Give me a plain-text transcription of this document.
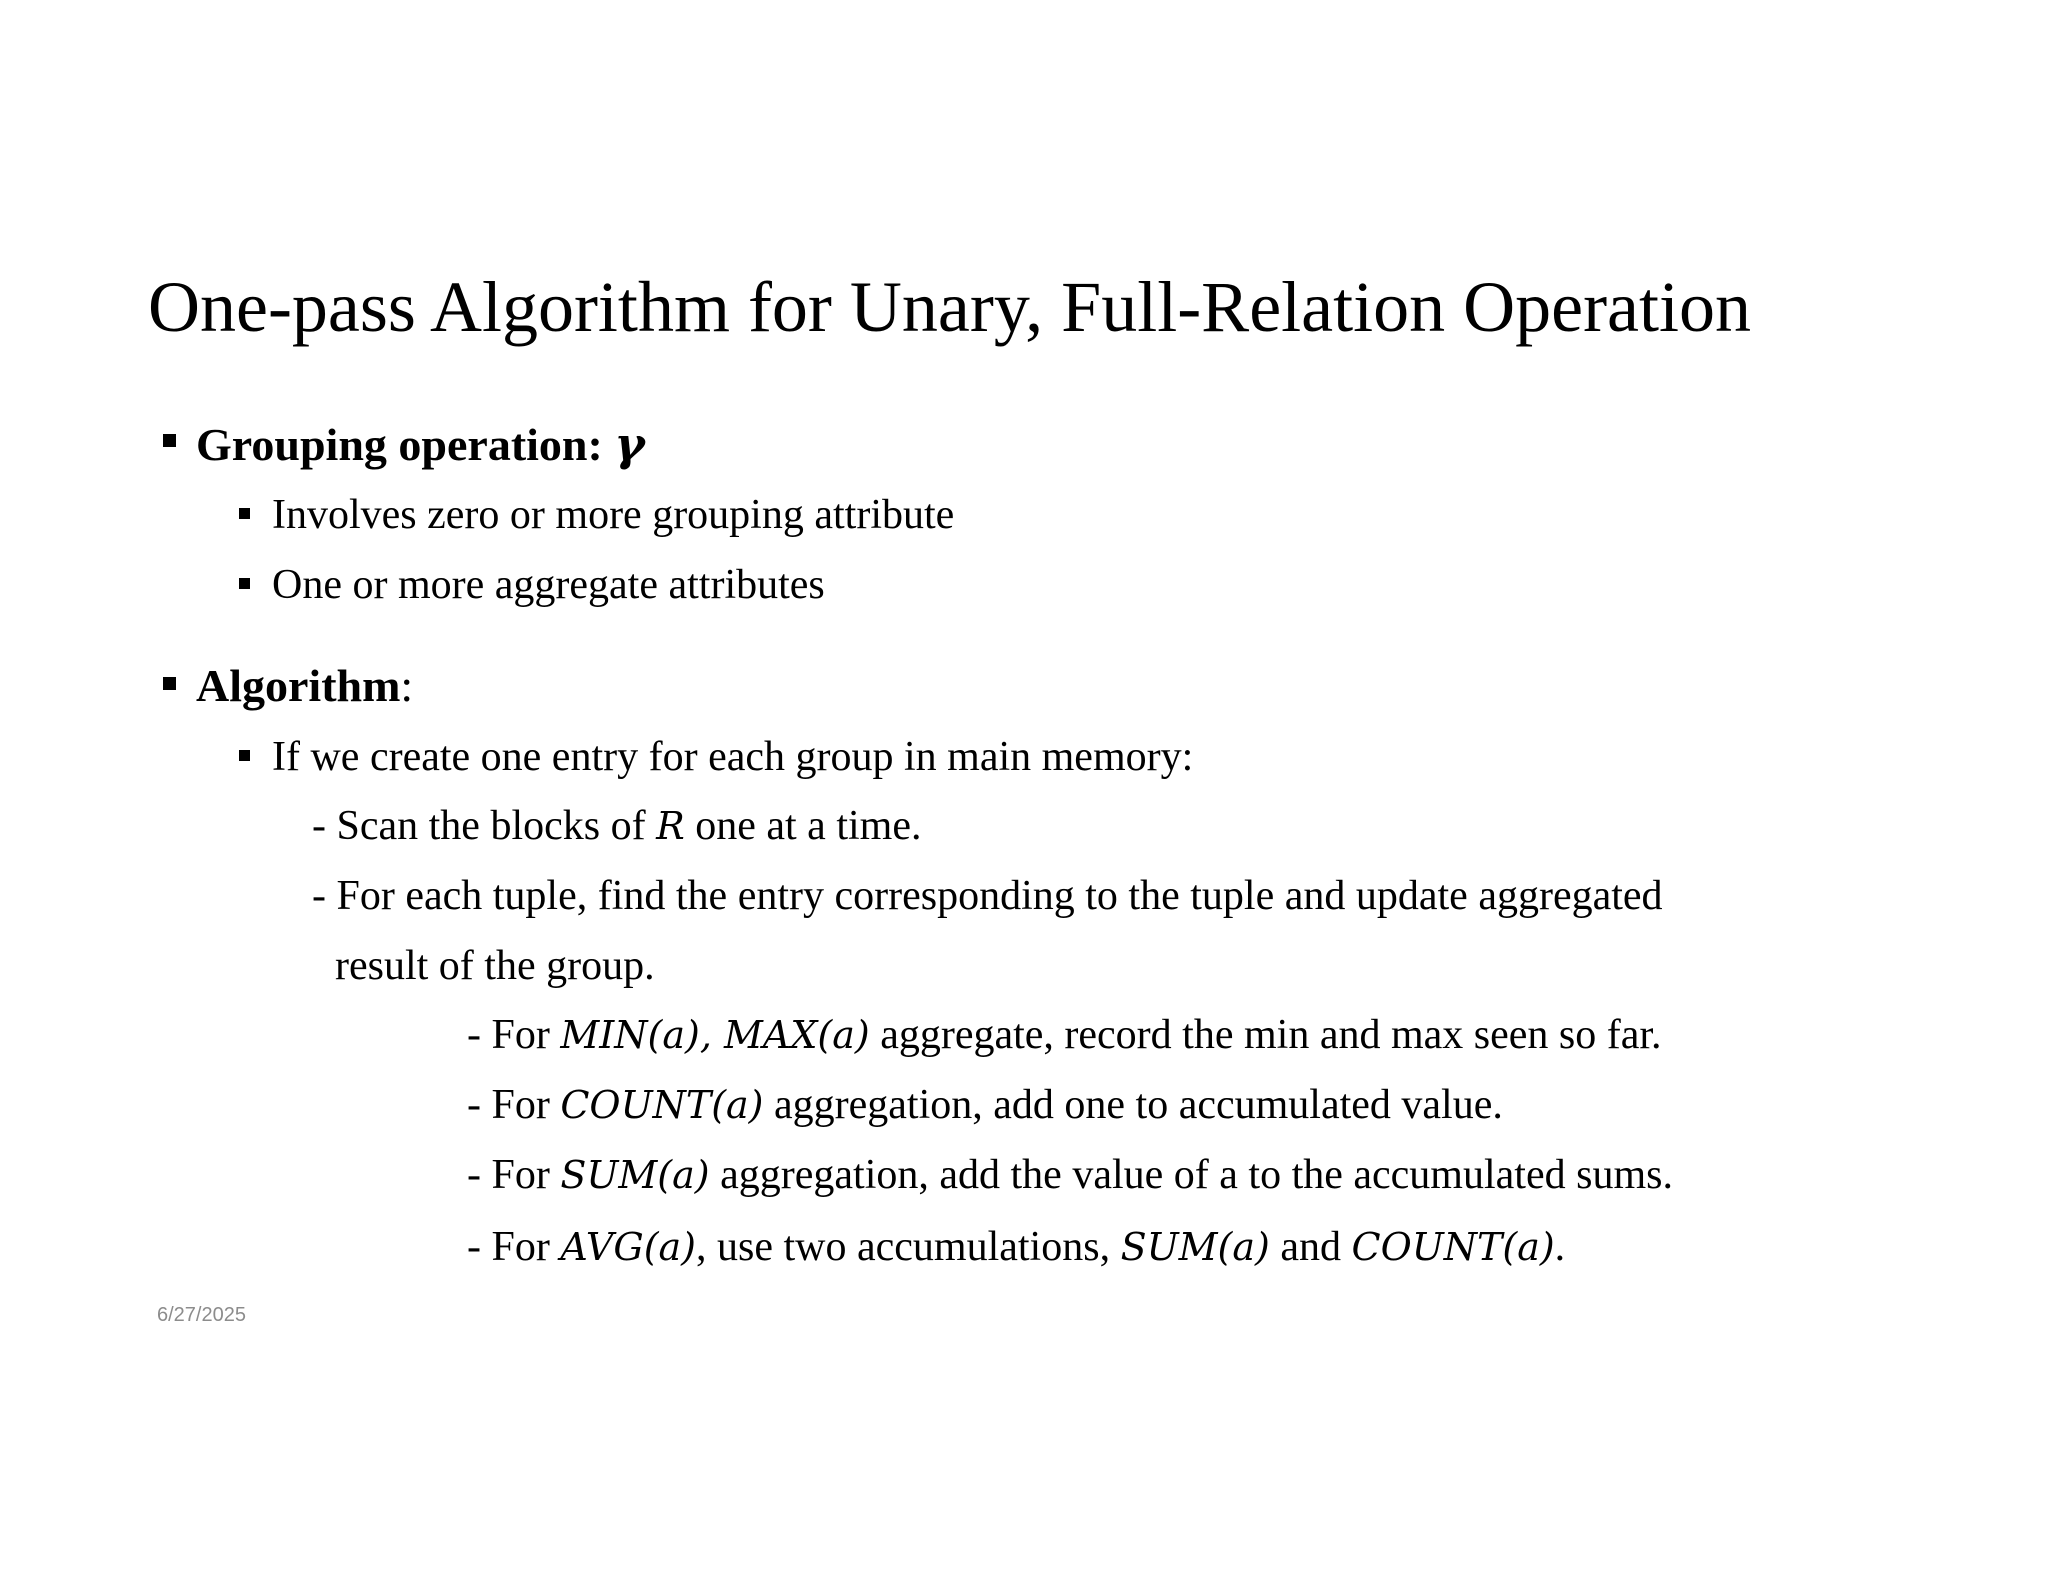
One-pass Algorithm for Unary, Full-Relation Operation
Grouping operation: γ
Involves zero or more grouping attribute
One or more aggregate attributes
Algorithm:
If we create one entry for each group in main memory:
- Scan the blocks of R one at a time.
- For each tuple, find the entry corresponding to the tuple and update aggregated
result of the group.
- For MIN(a), MAX(a) aggregate, record the min and max seen so far.
- For COUNT(a) aggregation, add one to accumulated value.
- For SUM(a) aggregation, add the value of a to the accumulated sums.
- For AVG(a), use two accumulations, SUM(a) and COUNT(a).
6/27/2025
